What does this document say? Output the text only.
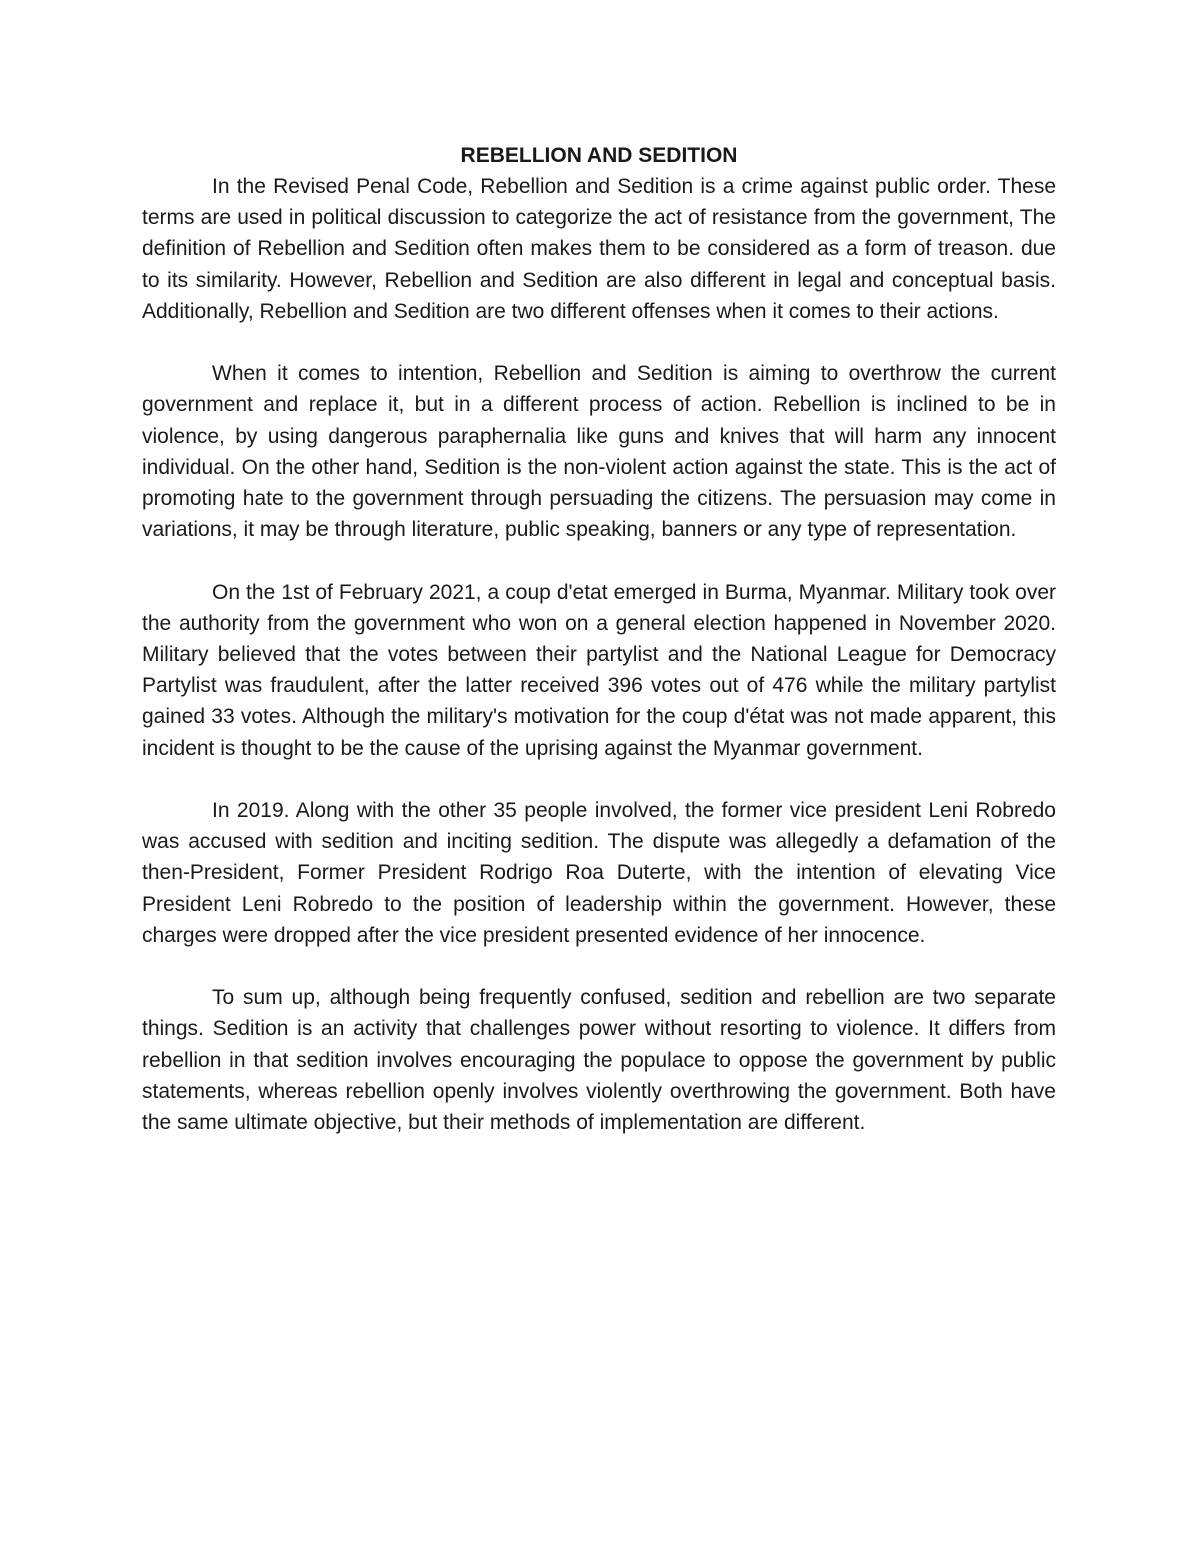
REBELLION AND SEDITION

In the Revised Penal Code, Rebellion and Sedition is a crime against public order. These terms are used in political discussion to categorize the act of resistance from the government, The definition of Rebellion and Sedition often makes them to be considered as a form of treason. due to its similarity. However, Rebellion and Sedition are also different in legal and conceptual basis. Additionally, Rebellion and Sedition are two different offenses when it comes to their actions.

When it comes to intention, Rebellion and Sedition is aiming to overthrow the current government and replace it, but in a different process of action. Rebellion is inclined to be in violence, by using dangerous paraphernalia like guns and knives that will harm any innocent individual. On the other hand, Sedition is the non-violent action against the state. This is the act of promoting hate to the government through persuading the citizens. The persuasion may come in variations, it may be through literature, public speaking, banners or any type of representation.

On the 1st of February 2021, a coup d'etat emerged in Burma, Myanmar. Military took over the authority from the government who won on a general election happened in November 2020. Military believed that the votes between their partylist and the National League for Democracy Partylist was fraudulent, after the latter received 396 votes out of 476 while the military partylist gained 33 votes. Although the military's motivation for the coup d'état was not made apparent, this incident is thought to be the cause of the uprising against the Myanmar government.

In 2019. Along with the other 35 people involved, the former vice president Leni Robredo was accused with sedition and inciting sedition. The dispute was allegedly a defamation of the then-President, Former President Rodrigo Roa Duterte, with the intention of elevating Vice President Leni Robredo to the position of leadership within the government. However, these charges were dropped after the vice president presented evidence of her innocence.

To sum up, although being frequently confused, sedition and rebellion are two separate things. Sedition is an activity that challenges power without resorting to violence. It differs from rebellion in that sedition involves encouraging the populace to oppose the government by public statements, whereas rebellion openly involves violently overthrowing the government. Both have the same ultimate objective, but their methods of implementation are different.
